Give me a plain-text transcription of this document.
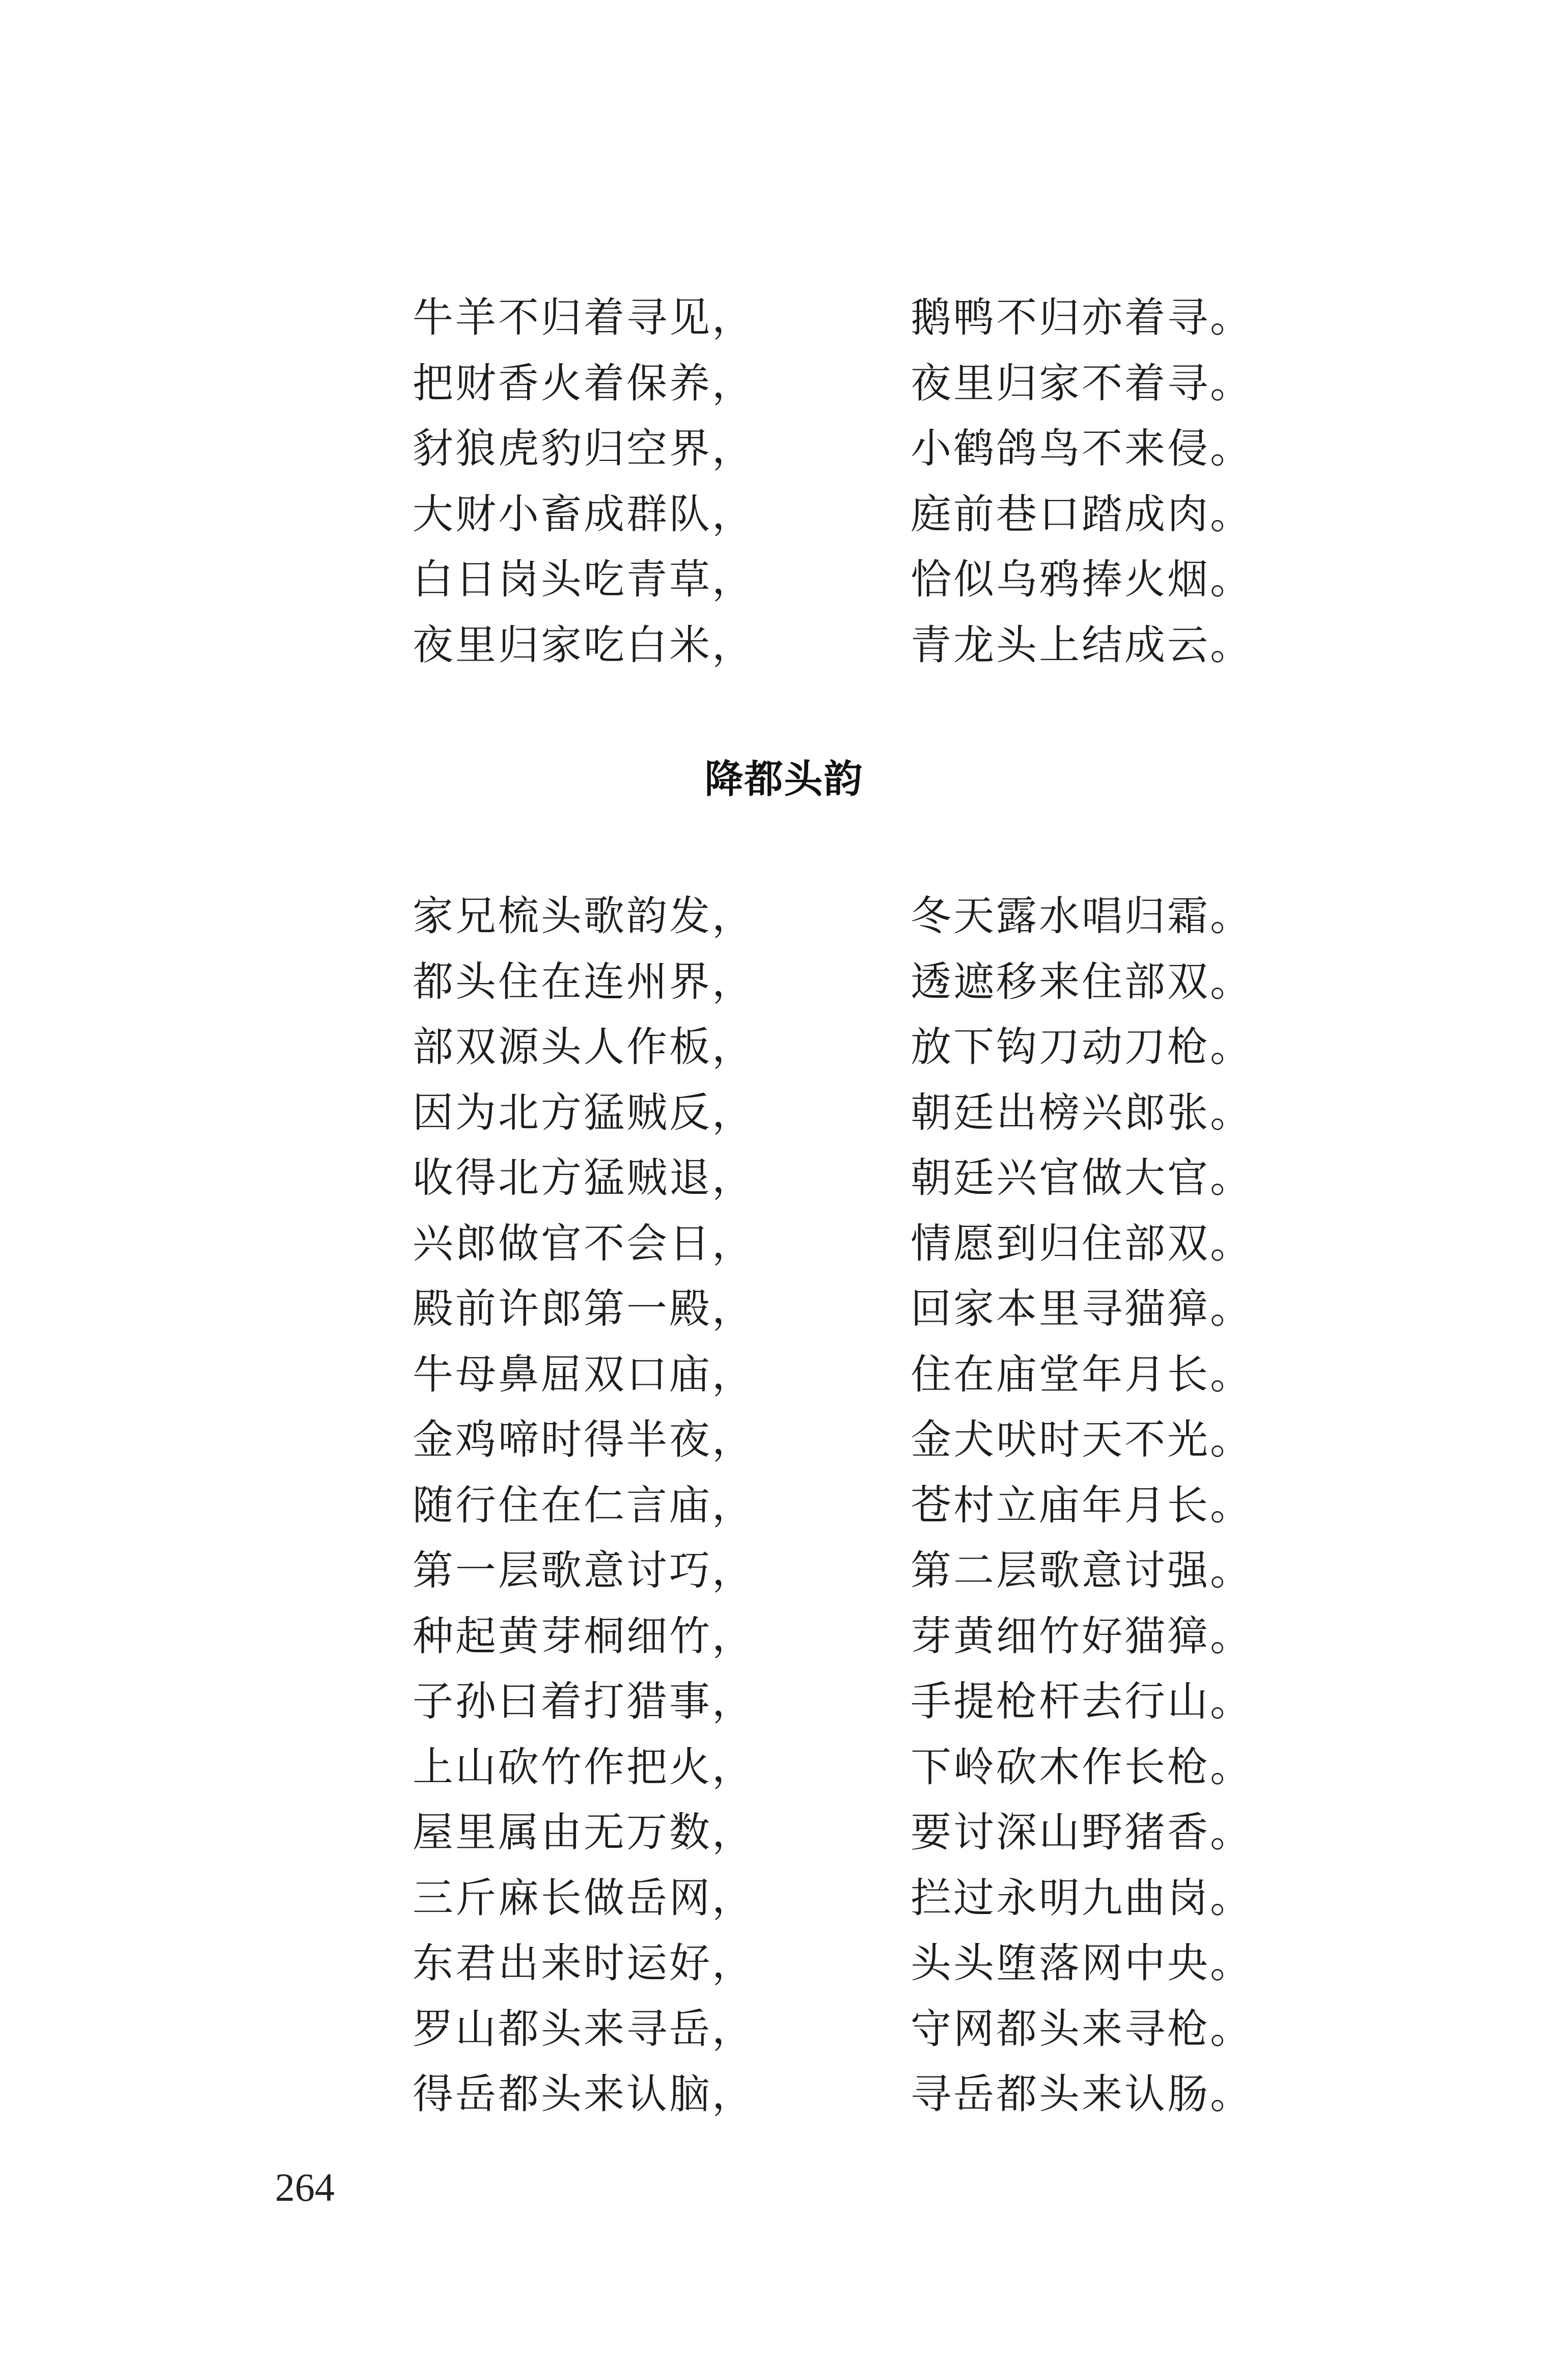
牛羊不归着寻见，	鹅鸭不归亦着寻。
把财香火着保养，	夜里归家不着寻。
豺狼虎豹归空界，	小鹤鸽鸟不来侵。
大财小畜成群队，	庭前巷口踏成肉。
白日岗头吃青草，	恰似乌鸦捧火烟。
夜里归家吃白米，	青龙头上结成云。
降都头韵
家兄梳头歌韵发，	冬天露水唱归霜。
都头住在连州界，	透遮移来住部双。
部双源头人作板，	放下钩刀动刀枪。
因为北方猛贼反，	朝廷出榜兴郎张。
收得北方猛贼退，	朝廷兴官做大官。
兴郎做官不会日，	情愿到归住部双。
殿前许郎第一殿，	回家本里寻猫獐。
牛母鼻屈双口庙，	住在庙堂年月长。
金鸡啼时得半夜，	金犬吠时天不光。
随行住在仁言庙，	苍村立庙年月长。
第一层歌意讨巧，	第二层歌意讨强。
种起黄芽桐细竹，	芽黄细竹好猫獐。
子孙曰着打猎事，	手提枪杆去行山。
上山砍竹作把火，	下岭砍木作长枪。
屋里属由无万数，	要讨深山野猪香。
三斤麻长做岳网，	拦过永明九曲岗。
东君出来时运好，	头头堕落网中央。
罗山都头来寻岳，	守网都头来寻枪。
得岳都头来认脑，	寻岳都头来认肠。
264
